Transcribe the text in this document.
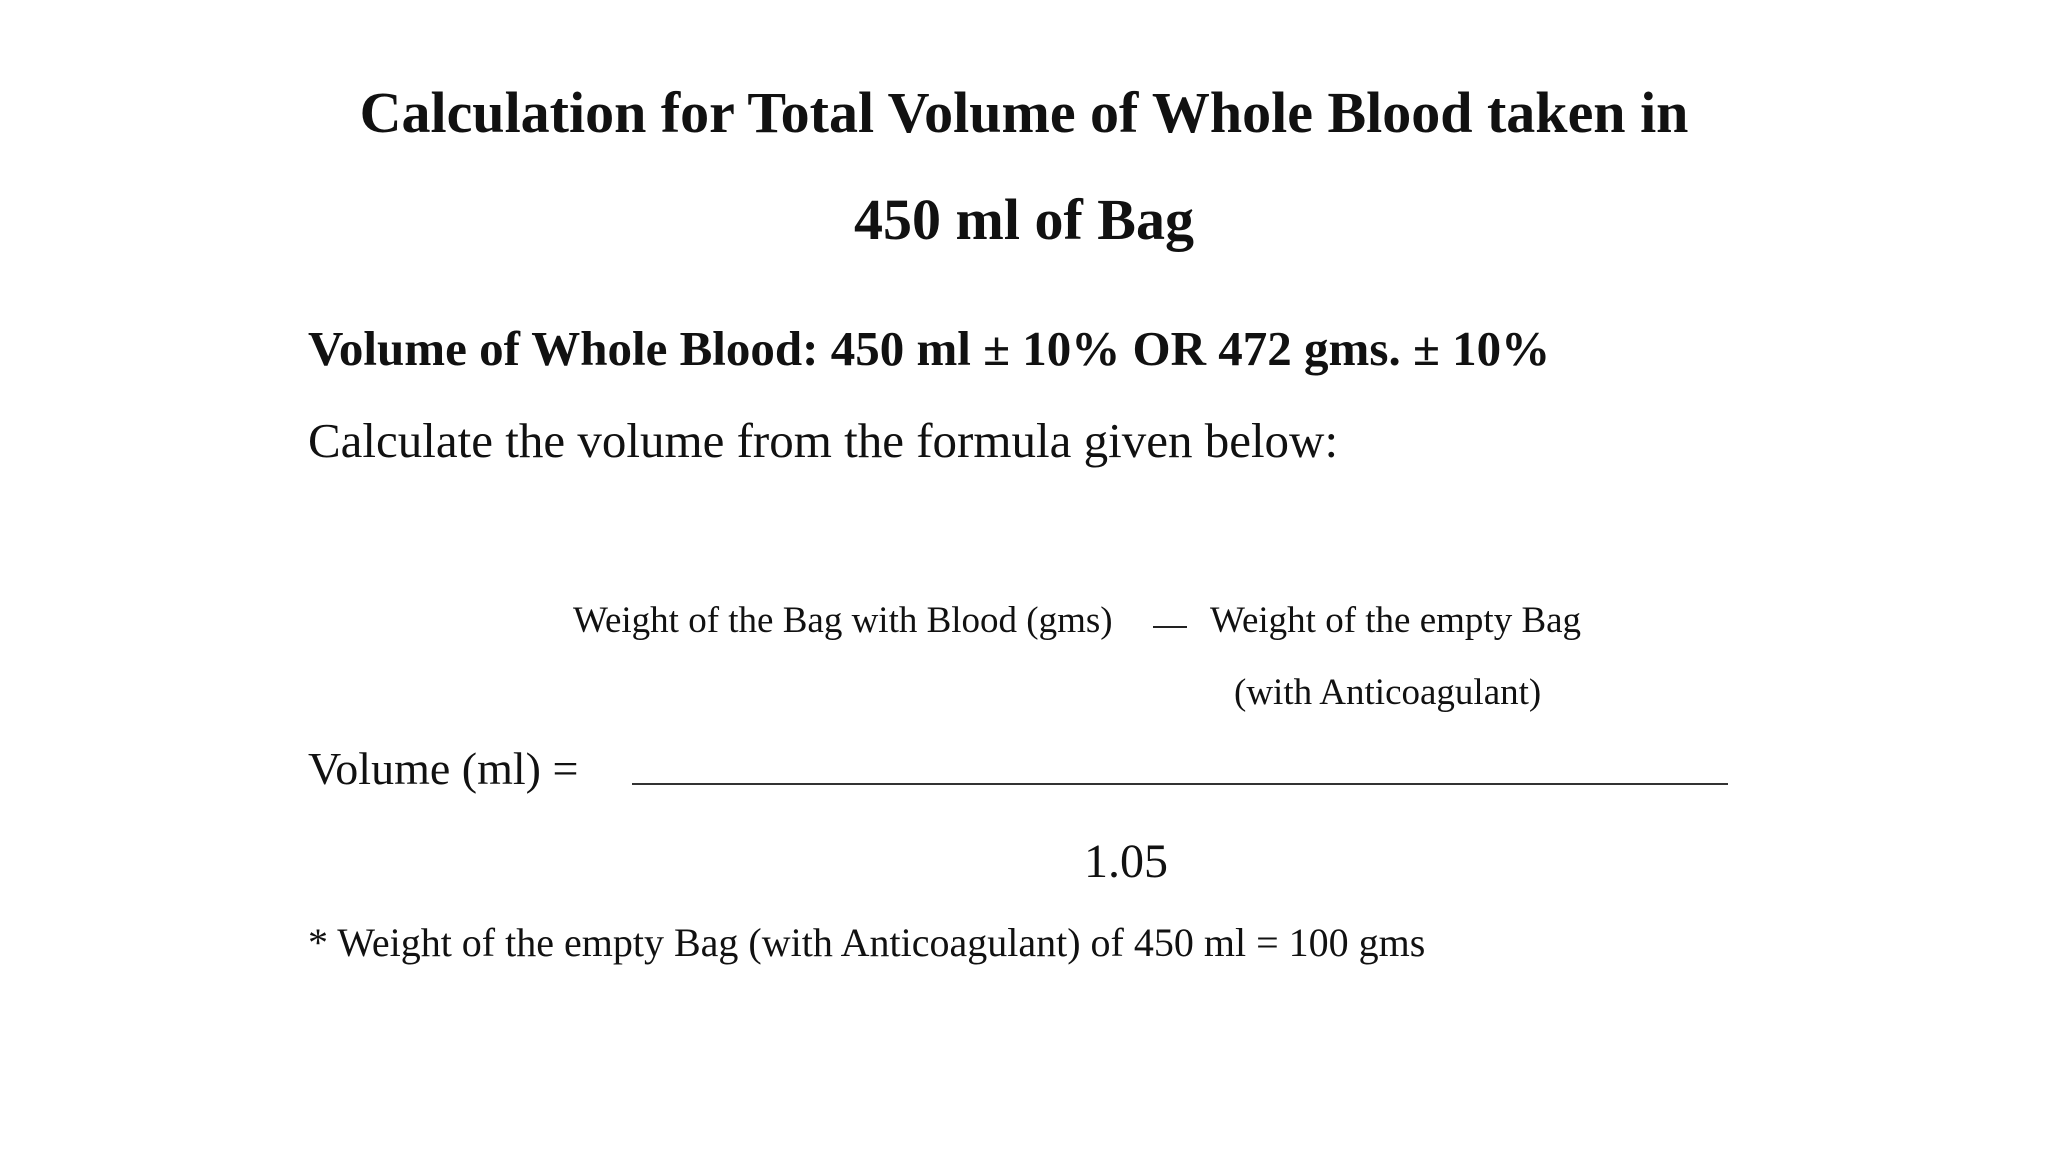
Calculation for Total Volume of Whole Blood taken in
450 ml of Bag
Volume of Whole Blood: 450 ml ± 10% OR 472 gms. ± 10%
Calculate the volume from the formula given below:
Weight of the Bag with Blood (gms)	Weight of the empty Bag
(with Anticoagulant)
Volume (ml) =
1.05
* Weight of the empty Bag (with Anticoagulant) of 450 ml = 100 gms
